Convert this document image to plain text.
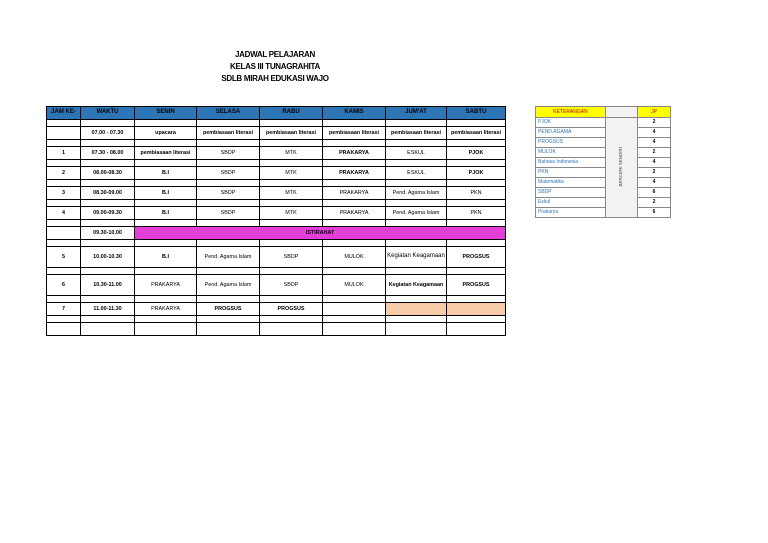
JADWAL PELAJARAN
KELAS III TUNAGRAHITA
SDLB MIRAH EDUKASI WAJO
JAM KE-	WAKTU	SENIN	SELASA	RABU	KAMIS	JUM'AT	SABTU

	07.00 - 07.30	upacara	pembiasaan literasi	pembiasaan literasi	pembiasaan literasi	pembiasaan literasi	pembiasaan literasi

1	07.30 - 08.00	pembiasaan literasi	SBDP	MTK	PRAKARYA	ESKUL	PJOK

2	08.00-08.30	B.I	SBDP	MTK	PRAKARYA	ESKUL	PJOK

3	08.30-09.00	B.I	SBDP	MTK	PRAKARYA	Pend. Agama Islam	PKN

4	09.00-09.30	B.I	SBDP	MTK	PRAKARYA	Pend. Agama Islam	PKN

	09.30-10.00	ISTIRAHAT					

5	10.00-10.30	B.I	Pend. Agama Islam	SBDP	MULOK	Kegiatan Keagamaan	PROGSUS

6	10.30-11.00	PRAKARYA	Pend. Agama Islam	SBDP	MULOK	Kegiatan Keagamaan	PROGSUS

7	11.00-11.30	PRAKARYA	PROGSUS	PROGSUS			

KETERANGAN		JP
PJOK	BERCERI SENDIRI	2
PEND.AGAMA		4
PROGSUS		4
MULOK		2
Bahasa Indonesia		4
PKN		2
Matematika		4
SBDP		6
Eskul		2
Prakarya		6
